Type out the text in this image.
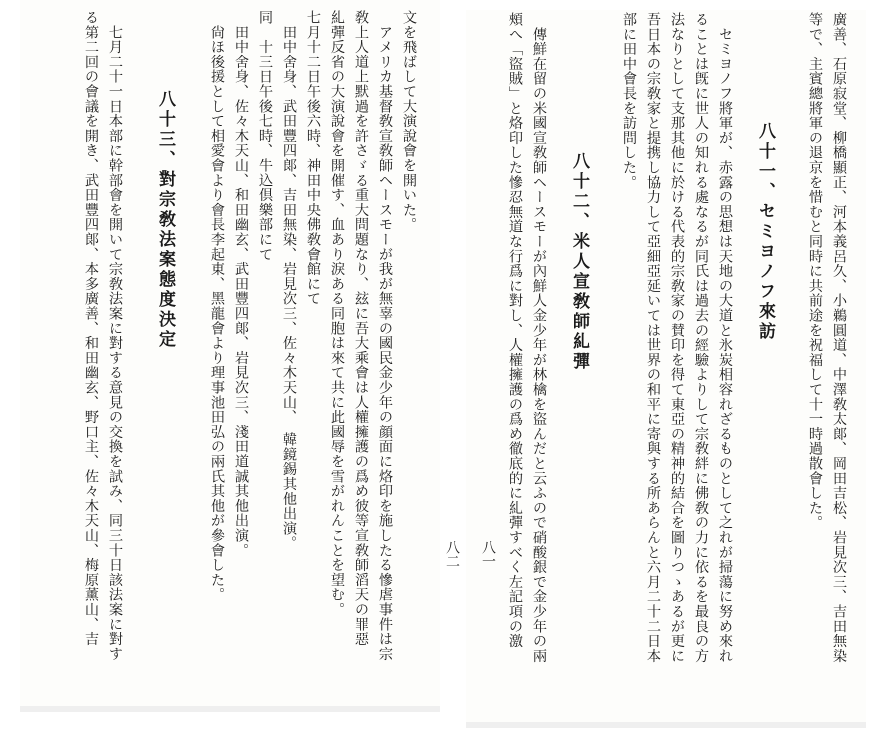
文を飛ばして大演說會を開いた。
　アメリカ基督敎宣敎師ヘースモーが我が無辜の國民金少年の顔面に烙印を施したる慘虐事件は宗
敎上人道上默過を許さゞる重大問題なり、玆に吾大乘會は人權擁護の爲め彼等宣敎師滔天の罪惡
糺彈反省の大演說會を開催す、血あり淚ある同胞は來て共に此國辱を雪がれんことを望む。
七月十二日午後六時、神田中央佛敎會館にて
　田中舍身、武田豐四郞、吉田無染、岩見次三、佐々木天山、　韓鏡錫其他出演。
同　十三日午後七時、牛込倶樂部にて
　田中舍身、佐々木天山、和田幽玄、武田豐四郞、岩見次三、淺田道誠其他出演。
　尙ほ後援として相愛會より會長李起東、黑龍會より理事池田弘の兩氏其他が參會した。
八十三、對宗敎法案態度決定
　七月二十一日本部に幹部會を開いて宗敎法案に對する意見の交換を試み、同三十日該法案に對す
る第二回の會議を開き、武田豐四郞、本多廣善、和田幽玄、野口主、佐々木天山、梅原薰山、吉	八二	廣善、石原寂堂、柳橋顯正、河本義呂久、小鵜圓道、中澤敎太郞、岡田吉松、岩見次三、吉田無染
等で、主賓總將軍の退京を惜むと同時に共前途を祝福して十一時過散會した。
八十一、セミヨノフ來訪
　セミヨノフ將軍が、赤露の思想は天地の大道と氷炭相容れざるものとして之れが掃蕩に努め來れ
ることは旣に世人の知れる處なるが同氏は過去の經驗よりして宗敎絆に佛敎の力に依るを最良の方
法なりとして支那其他に於ける代表的宗敎家の賛印を得て東亞の精神的結合を圖りつゝあるが更に
吾日本の宗敎家と提携し協力して亞細亞延いては世界の和平に寄與する所あらんと六月二十二日本
部に田中會長を訪問した。
八十二、米人宣敎師糺彈
　傳鮮在留の米國宣敎師ヘースモーが內鮮人金少年が林檎を盜んだと云ふので硝酸銀で金少年の兩
頰へ「盜賊」と烙印した慘忍無道な行爲に對し、人權擁護の爲め徹底的に糺彈すべく左記項の激
八一
